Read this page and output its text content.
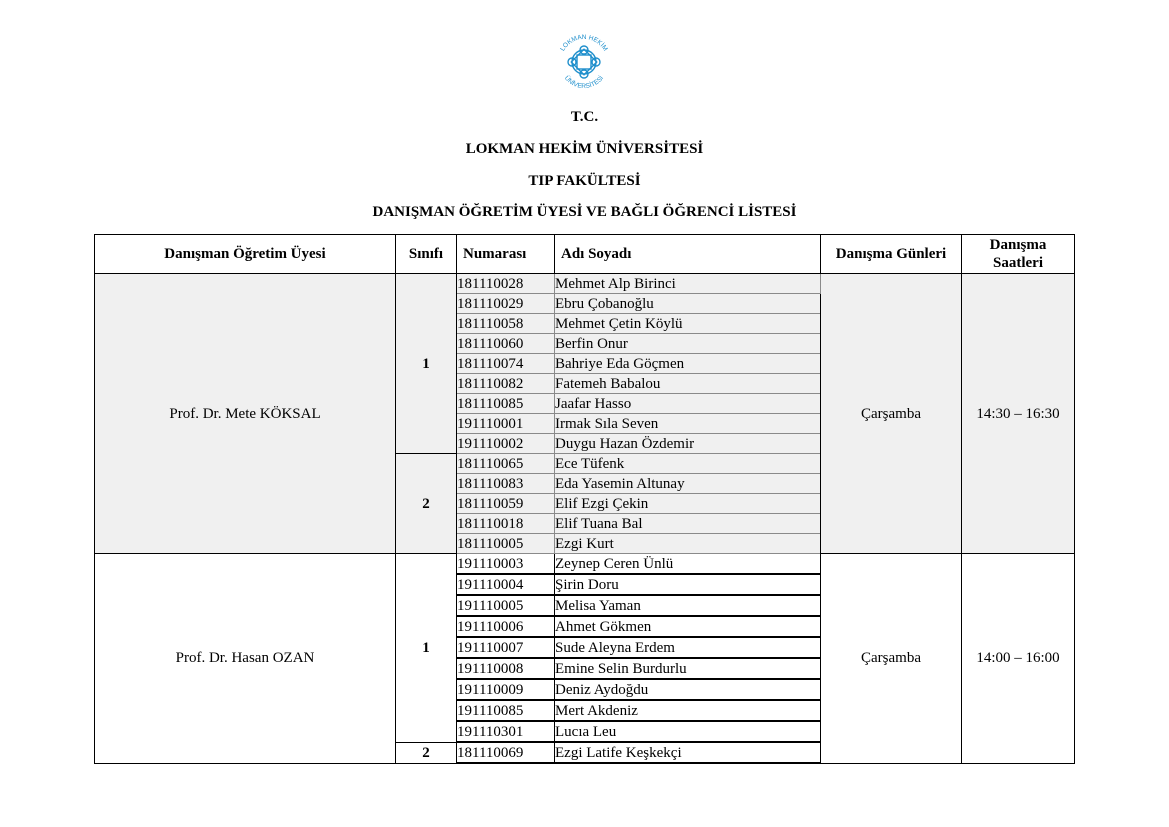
LOKMAN HEKİM
ÜNİVERSİTESİ
T.C.
LOKMAN HEKİM ÜNİVERSİTESİ
TIP FAKÜLTESİ
DANIŞMAN ÖĞRETİM ÜYESİ VE BAĞLI ÖĞRENCİ LİSTESİ
Danışman Öğretim Üyesi	Sınıfı	Numarası	Adı Soyadı	Danışma Günleri	Danışma
Saatleri
Prof. Dr. Mete KÖKSAL	1	181110028	Mehmet Alp Birinci	Çarşamba	14:30 – 16:30
		181110029	Ebru Çobanoğlu		
		181110058	Mehmet Çetin Köylü		
		181110060	Berfin Onur		
		181110074	Bahriye Eda Göçmen		
		181110082	Fatemeh Babalou		
		181110085	Jaafar Hasso		
		191110001	Irmak Sıla Seven		
		191110002	Duygu Hazan Özdemir		
	2	181110065	Ece Tüfenk		
		181110083	Eda Yasemin Altunay		
		181110059	Elif Ezgi Çekin		
		181110018	Elif Tuana Bal		
		181110005	Ezgi Kurt		
Prof. Dr. Hasan OZAN	1	191110003	Zeynep Ceren Ünlü	Çarşamba	14:00 – 16:00
		191110004	Şirin Doru		
		191110005	Melisa Yaman		
		191110006	Ahmet Gökmen		
		191110007	Sude Aleyna Erdem		
		191110008	Emine Selin Burdurlu		
		191110009	Deniz Aydoğdu		
		191110085	Mert Akdeniz		
		191110301	Lucıa Leu		
	2	181110069	Ezgi Latife Keşkekçi		
